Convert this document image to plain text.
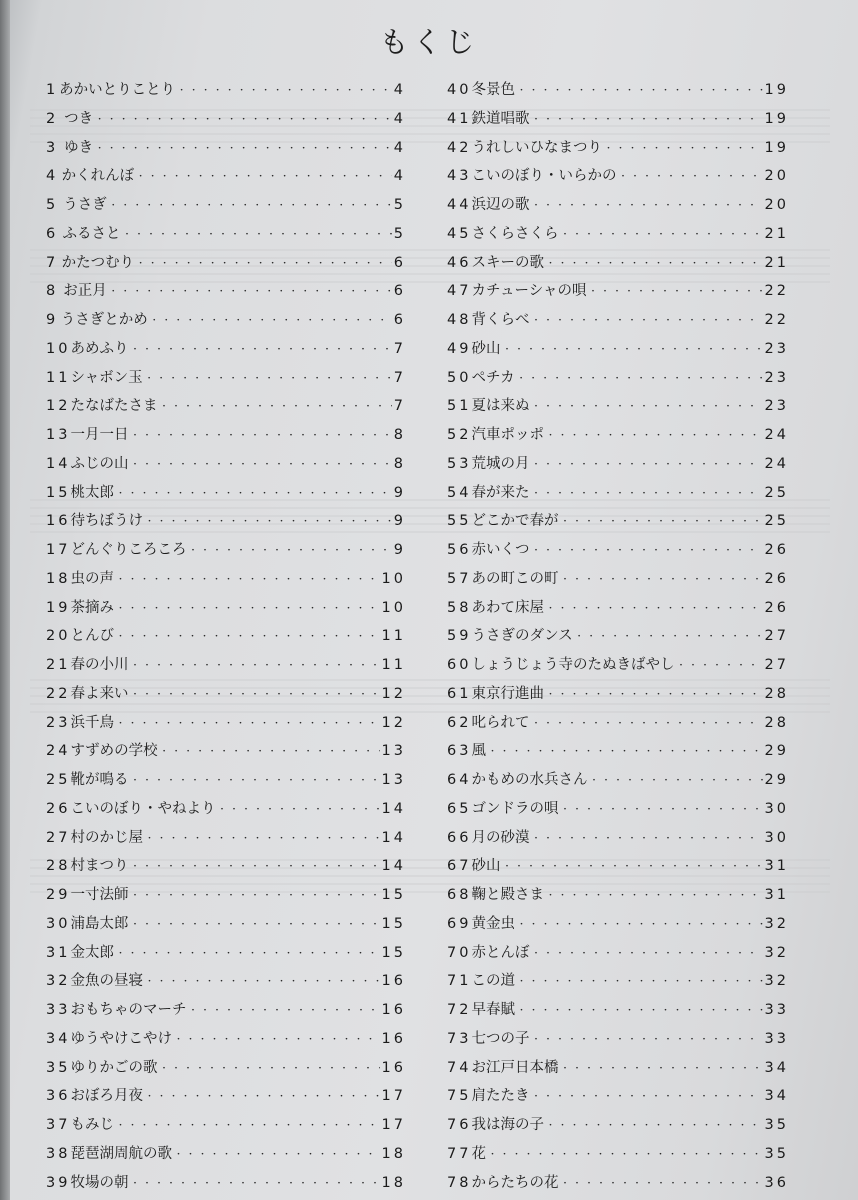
もくじ
1 あかいとりことり ・・・・・・・・・・・・・・・・・・・・・・・・・・・・・・・・・・・・・・・・・・・・・・・・・・・・・・・・・・・・	4
2 つき ・・・・・・・・・・・・・・・・・・・・・・・・・・・・・・・・・・・・・・・・・・・・・・・・・・・・・・・・・・・・	4
3 ゆき ・・・・・・・・・・・・・・・・・・・・・・・・・・・・・・・・・・・・・・・・・・・・・・・・・・・・・・・・・・・・	4
4 かくれんぼ ・・・・・・・・・・・・・・・・・・・・・・・・・・・・・・・・・・・・・・・・・・・・・・・・・・・・・・・・・・・・	4
5 うさぎ ・・・・・・・・・・・・・・・・・・・・・・・・・・・・・・・・・・・・・・・・・・・・・・・・・・・・・・・・・・・・	5
6 ふるさと ・・・・・・・・・・・・・・・・・・・・・・・・・・・・・・・・・・・・・・・・・・・・・・・・・・・・・・・・・・・・	5
7 かたつむり ・・・・・・・・・・・・・・・・・・・・・・・・・・・・・・・・・・・・・・・・・・・・・・・・・・・・・・・・・・・・	6
8 お正月 ・・・・・・・・・・・・・・・・・・・・・・・・・・・・・・・・・・・・・・・・・・・・・・・・・・・・・・・・・・・・	6
9 うさぎとかめ ・・・・・・・・・・・・・・・・・・・・・・・・・・・・・・・・・・・・・・・・・・・・・・・・・・・・・・・・・・・・	6
10 あめふり ・・・・・・・・・・・・・・・・・・・・・・・・・・・・・・・・・・・・・・・・・・・・・・・・・・・・・・・・・・・・	7
11 シャボン玉 ・・・・・・・・・・・・・・・・・・・・・・・・・・・・・・・・・・・・・・・・・・・・・・・・・・・・・・・・・・・・	7
12 たなばたさま ・・・・・・・・・・・・・・・・・・・・・・・・・・・・・・・・・・・・・・・・・・・・・・・・・・・・・・・・・・・・	7
13 一月一日 ・・・・・・・・・・・・・・・・・・・・・・・・・・・・・・・・・・・・・・・・・・・・・・・・・・・・・・・・・・・・	8
14 ふじの山 ・・・・・・・・・・・・・・・・・・・・・・・・・・・・・・・・・・・・・・・・・・・・・・・・・・・・・・・・・・・・	8
15 桃太郎 ・・・・・・・・・・・・・・・・・・・・・・・・・・・・・・・・・・・・・・・・・・・・・・・・・・・・・・・・・・・・	9
16 待ちぼうけ ・・・・・・・・・・・・・・・・・・・・・・・・・・・・・・・・・・・・・・・・・・・・・・・・・・・・・・・・・・・・	9
17 どんぐりころころ ・・・・・・・・・・・・・・・・・・・・・・・・・・・・・・・・・・・・・・・・・・・・・・・・・・・・・・・・・・・・	9
18 虫の声 ・・・・・・・・・・・・・・・・・・・・・・・・・・・・・・・・・・・・・・・・・・・・・・・・・・・・・・・・・・・・	10
19 茶摘み ・・・・・・・・・・・・・・・・・・・・・・・・・・・・・・・・・・・・・・・・・・・・・・・・・・・・・・・・・・・・	10
20 とんび ・・・・・・・・・・・・・・・・・・・・・・・・・・・・・・・・・・・・・・・・・・・・・・・・・・・・・・・・・・・・	11
21 春の小川 ・・・・・・・・・・・・・・・・・・・・・・・・・・・・・・・・・・・・・・・・・・・・・・・・・・・・・・・・・・・・	11
22 春よ来い ・・・・・・・・・・・・・・・・・・・・・・・・・・・・・・・・・・・・・・・・・・・・・・・・・・・・・・・・・・・・	12
23 浜千鳥 ・・・・・・・・・・・・・・・・・・・・・・・・・・・・・・・・・・・・・・・・・・・・・・・・・・・・・・・・・・・・	12
24 すずめの学校 ・・・・・・・・・・・・・・・・・・・・・・・・・・・・・・・・・・・・・・・・・・・・・・・・・・・・・・・・・・・・	13
25 靴が鳴る ・・・・・・・・・・・・・・・・・・・・・・・・・・・・・・・・・・・・・・・・・・・・・・・・・・・・・・・・・・・・	13
26 こいのぼり・やねより ・・・・・・・・・・・・・・・・・・・・・・・・・・・・・・・・・・・・・・・・・・・・・・・・・・・・・・・・・・・・	14
27 村のかじ屋 ・・・・・・・・・・・・・・・・・・・・・・・・・・・・・・・・・・・・・・・・・・・・・・・・・・・・・・・・・・・・	14
28 村まつり ・・・・・・・・・・・・・・・・・・・・・・・・・・・・・・・・・・・・・・・・・・・・・・・・・・・・・・・・・・・・	14
29 一寸法師 ・・・・・・・・・・・・・・・・・・・・・・・・・・・・・・・・・・・・・・・・・・・・・・・・・・・・・・・・・・・・	15
30 浦島太郎 ・・・・・・・・・・・・・・・・・・・・・・・・・・・・・・・・・・・・・・・・・・・・・・・・・・・・・・・・・・・・	15
31 金太郎 ・・・・・・・・・・・・・・・・・・・・・・・・・・・・・・・・・・・・・・・・・・・・・・・・・・・・・・・・・・・・	15
32 金魚の昼寝 ・・・・・・・・・・・・・・・・・・・・・・・・・・・・・・・・・・・・・・・・・・・・・・・・・・・・・・・・・・・・	16
33 おもちゃのマーチ ・・・・・・・・・・・・・・・・・・・・・・・・・・・・・・・・・・・・・・・・・・・・・・・・・・・・・・・・・・・・	16
34 ゆうやけこやけ ・・・・・・・・・・・・・・・・・・・・・・・・・・・・・・・・・・・・・・・・・・・・・・・・・・・・・・・・・・・・	16
35 ゆりかごの歌 ・・・・・・・・・・・・・・・・・・・・・・・・・・・・・・・・・・・・・・・・・・・・・・・・・・・・・・・・・・・・	16
36 おぼろ月夜 ・・・・・・・・・・・・・・・・・・・・・・・・・・・・・・・・・・・・・・・・・・・・・・・・・・・・・・・・・・・・	17
37 もみじ ・・・・・・・・・・・・・・・・・・・・・・・・・・・・・・・・・・・・・・・・・・・・・・・・・・・・・・・・・・・・	17
38 琵琶湖周航の歌 ・・・・・・・・・・・・・・・・・・・・・・・・・・・・・・・・・・・・・・・・・・・・・・・・・・・・・・・・・・・・	18
39 牧場の朝 ・・・・・・・・・・・・・・・・・・・・・・・・・・・・・・・・・・・・・・・・・・・・・・・・・・・・・・・・・・・・	18
40 冬景色 ・・・・・・・・・・・・・・・・・・・・・・・・・・・・・・・・・・・・・・・・・・・・・・・・・・・・・・・・・・・・	19
41 鉄道唱歌 ・・・・・・・・・・・・・・・・・・・・・・・・・・・・・・・・・・・・・・・・・・・・・・・・・・・・・・・・・・・・	19
42 うれしいひなまつり ・・・・・・・・・・・・・・・・・・・・・・・・・・・・・・・・・・・・・・・・・・・・・・・・・・・・・・・・・・・・	19
43 こいのぼり・いらかの ・・・・・・・・・・・・・・・・・・・・・・・・・・・・・・・・・・・・・・・・・・・・・・・・・・・・・・・・・・・・	20
44 浜辺の歌 ・・・・・・・・・・・・・・・・・・・・・・・・・・・・・・・・・・・・・・・・・・・・・・・・・・・・・・・・・・・・	20
45 さくらさくら ・・・・・・・・・・・・・・・・・・・・・・・・・・・・・・・・・・・・・・・・・・・・・・・・・・・・・・・・・・・・	21
46 スキーの歌 ・・・・・・・・・・・・・・・・・・・・・・・・・・・・・・・・・・・・・・・・・・・・・・・・・・・・・・・・・・・・	21
47 カチューシャの唄 ・・・・・・・・・・・・・・・・・・・・・・・・・・・・・・・・・・・・・・・・・・・・・・・・・・・・・・・・・・・・	22
48 背くらべ ・・・・・・・・・・・・・・・・・・・・・・・・・・・・・・・・・・・・・・・・・・・・・・・・・・・・・・・・・・・・	22
49 砂山 ・・・・・・・・・・・・・・・・・・・・・・・・・・・・・・・・・・・・・・・・・・・・・・・・・・・・・・・・・・・・	23
50 ペチカ ・・・・・・・・・・・・・・・・・・・・・・・・・・・・・・・・・・・・・・・・・・・・・・・・・・・・・・・・・・・・	23
51 夏は来ぬ ・・・・・・・・・・・・・・・・・・・・・・・・・・・・・・・・・・・・・・・・・・・・・・・・・・・・・・・・・・・・	23
52 汽車ポッポ ・・・・・・・・・・・・・・・・・・・・・・・・・・・・・・・・・・・・・・・・・・・・・・・・・・・・・・・・・・・・	24
53 荒城の月 ・・・・・・・・・・・・・・・・・・・・・・・・・・・・・・・・・・・・・・・・・・・・・・・・・・・・・・・・・・・・	24
54 春が来た ・・・・・・・・・・・・・・・・・・・・・・・・・・・・・・・・・・・・・・・・・・・・・・・・・・・・・・・・・・・・	25
55 どこかで春が ・・・・・・・・・・・・・・・・・・・・・・・・・・・・・・・・・・・・・・・・・・・・・・・・・・・・・・・・・・・・	25
56 赤いくつ ・・・・・・・・・・・・・・・・・・・・・・・・・・・・・・・・・・・・・・・・・・・・・・・・・・・・・・・・・・・・	26
57 あの町この町 ・・・・・・・・・・・・・・・・・・・・・・・・・・・・・・・・・・・・・・・・・・・・・・・・・・・・・・・・・・・・	26
58 あわて床屋 ・・・・・・・・・・・・・・・・・・・・・・・・・・・・・・・・・・・・・・・・・・・・・・・・・・・・・・・・・・・・	26
59 うさぎのダンス ・・・・・・・・・・・・・・・・・・・・・・・・・・・・・・・・・・・・・・・・・・・・・・・・・・・・・・・・・・・・	27
60 しょうじょう寺のたぬきばやし ・・・・・・・・・・・・・・・・・・・・・・・・・・・・・・・・・・・・・・・・・・・・・・・・・・・・・・・・・・・・	27
61 東京行進曲 ・・・・・・・・・・・・・・・・・・・・・・・・・・・・・・・・・・・・・・・・・・・・・・・・・・・・・・・・・・・・	28
62 叱られて ・・・・・・・・・・・・・・・・・・・・・・・・・・・・・・・・・・・・・・・・・・・・・・・・・・・・・・・・・・・・	28
63 風 ・・・・・・・・・・・・・・・・・・・・・・・・・・・・・・・・・・・・・・・・・・・・・・・・・・・・・・・・・・・・	29
64 かもめの水兵さん ・・・・・・・・・・・・・・・・・・・・・・・・・・・・・・・・・・・・・・・・・・・・・・・・・・・・・・・・・・・・	29
65 ゴンドラの唄 ・・・・・・・・・・・・・・・・・・・・・・・・・・・・・・・・・・・・・・・・・・・・・・・・・・・・・・・・・・・・	30
66 月の砂漠 ・・・・・・・・・・・・・・・・・・・・・・・・・・・・・・・・・・・・・・・・・・・・・・・・・・・・・・・・・・・・	30
67 砂山 ・・・・・・・・・・・・・・・・・・・・・・・・・・・・・・・・・・・・・・・・・・・・・・・・・・・・・・・・・・・・	31
68 鞠と殿さま ・・・・・・・・・・・・・・・・・・・・・・・・・・・・・・・・・・・・・・・・・・・・・・・・・・・・・・・・・・・・	31
69 黄金虫 ・・・・・・・・・・・・・・・・・・・・・・・・・・・・・・・・・・・・・・・・・・・・・・・・・・・・・・・・・・・・	32
70 赤とんぼ ・・・・・・・・・・・・・・・・・・・・・・・・・・・・・・・・・・・・・・・・・・・・・・・・・・・・・・・・・・・・	32
71 この道 ・・・・・・・・・・・・・・・・・・・・・・・・・・・・・・・・・・・・・・・・・・・・・・・・・・・・・・・・・・・・	32
72 早春賦 ・・・・・・・・・・・・・・・・・・・・・・・・・・・・・・・・・・・・・・・・・・・・・・・・・・・・・・・・・・・・	33
73 七つの子 ・・・・・・・・・・・・・・・・・・・・・・・・・・・・・・・・・・・・・・・・・・・・・・・・・・・・・・・・・・・・	33
74 お江戸日本橋 ・・・・・・・・・・・・・・・・・・・・・・・・・・・・・・・・・・・・・・・・・・・・・・・・・・・・・・・・・・・・	34
75 肩たたき ・・・・・・・・・・・・・・・・・・・・・・・・・・・・・・・・・・・・・・・・・・・・・・・・・・・・・・・・・・・・	34
76 我は海の子 ・・・・・・・・・・・・・・・・・・・・・・・・・・・・・・・・・・・・・・・・・・・・・・・・・・・・・・・・・・・・	35
77 花 ・・・・・・・・・・・・・・・・・・・・・・・・・・・・・・・・・・・・・・・・・・・・・・・・・・・・・・・・・・・・	35
78 からたちの花 ・・・・・・・・・・・・・・・・・・・・・・・・・・・・・・・・・・・・・・・・・・・・・・・・・・・・・・・・・・・・	36
